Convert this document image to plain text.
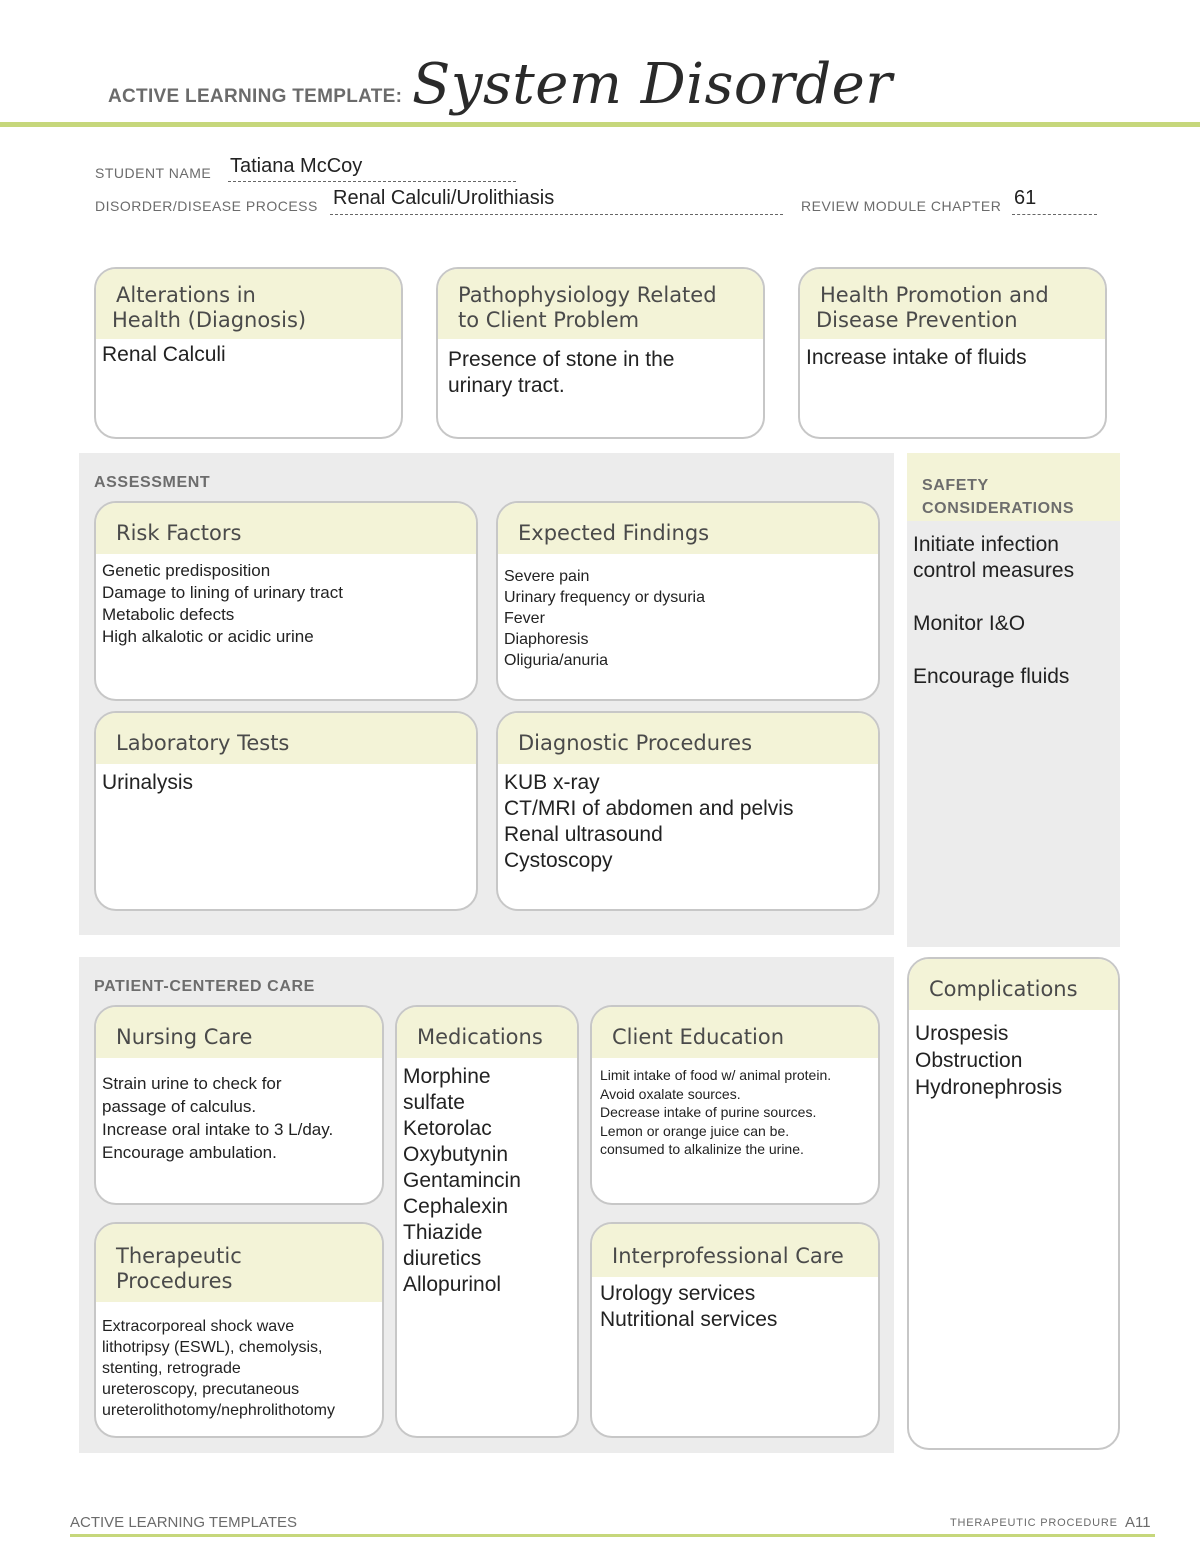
ACTIVE LEARNING TEMPLATE: System Disorder
STUDENT NAME Tatiana McCoy
DISORDER/DISEASE PROCESS Renal Calculi/Urolithiasis	REVIEW MODULE CHAPTER 61
Alterations in
Health (Diagnosis)
Renal Calculi
Pathophysiology Related
to Client Problem
Presence of stone in the
urinary tract.
Health Promotion and
Disease Prevention
Increase intake of fluids
ASSESSMENT
Risk Factors
Genetic predisposition
Damage to lining of urinary tract
Metabolic defects
High alkalotic or acidic urine
Expected Findings
Severe pain
Urinary frequency or dysuria
Fever
Diaphoresis
Oliguria/anuria
Laboratory Tests
Urinalysis
Diagnostic Procedures
KUB x-ray
CT/MRI of abdomen and pelvis
Renal ultrasound
Cystoscopy
SAFETY
CONSIDERATIONS
Initiate infection
control measures
Monitor I&O
Encourage fluids
PATIENT-CENTERED CARE
Nursing Care
Strain urine to check for
passage of calculus.
Increase oral intake to 3 L/day.
Encourage ambulation.
Medications
Morphine
sulfate
Ketorolac
Oxybutynin
Gentamincin
Cephalexin
Thiazide
diuretics
Allopurinol
Client Education
Limit intake of food w/ animal protein.
Avoid oxalate sources.
Decrease intake of purine sources.
Lemon or orange juice can be.
consumed to alkalinize the urine.
Therapeutic Procedures
Extracorporeal shock wave
lithotripsy (ESWL), chemolysis,
stenting, retrograde
ureteroscopy, precutaneous
ureterolithotomy/nephrolithotomy
Interprofessional Care
Urology services
Nutritional services
Complications
Urospesis
Obstruction
Hydronephrosis
ACTIVE LEARNING TEMPLATES	THERAPEUTIC PROCEDURE A11
